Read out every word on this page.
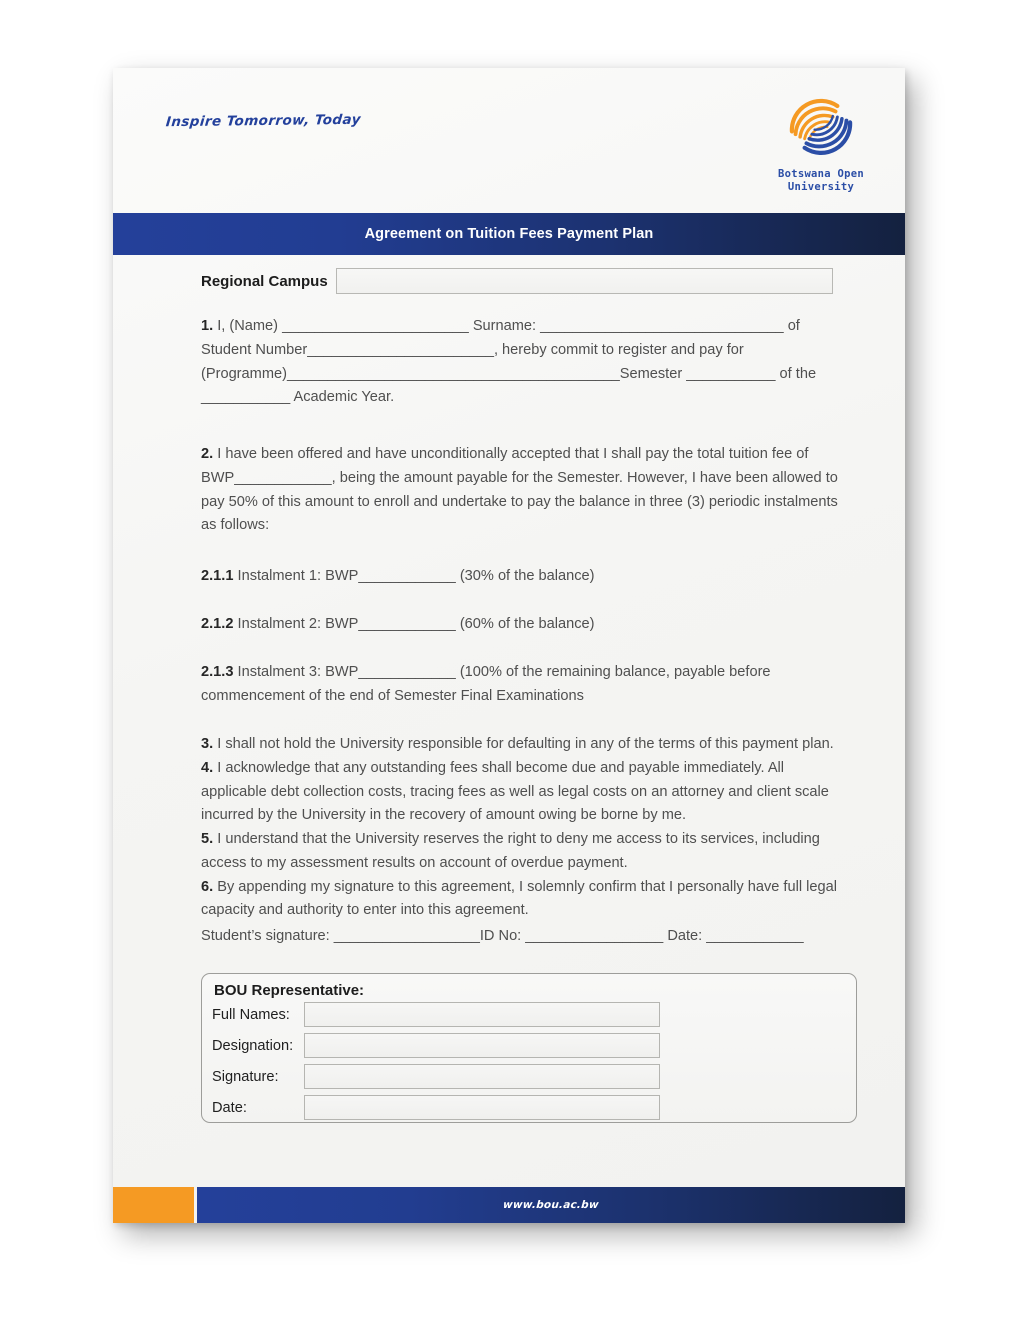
Inspire Tomorrow, Today
Botswana Open
University
Agreement on Tuition Fees Payment Plan
Regional Campus
1. I, (Name) _______________________ Surname: ______________________________ of Student Number_______________________, hereby commit to register and pay for (Programme)_________________________________________Semester ___________ of the ___________ Academic Year.
2. I have been offered and have unconditionally accepted that I shall pay the total tuition fee of BWP____________, being the amount payable for the Semester. However, I have been allowed to pay 50% of this amount to enroll and undertake to pay the balance in three (3) periodic instalments as follows:
2.1.1 Instalment 1: BWP____________ (30% of the balance)
2.1.2 Instalment 2: BWP____________ (60% of the balance)
2.1.3 Instalment 3: BWP____________ (100% of the remaining balance, payable before commencement of the end of Semester Final Examinations
3. I shall not hold the University responsible for defaulting in any of the terms of this payment plan.
4. I acknowledge that any outstanding fees shall become due and payable immediately. All applicable debt collection costs, tracing fees as well as legal costs on an attorney and client scale incurred by the University in the recovery of amount owing be borne by me.
5. I understand that the University reserves the right to deny me access to its services, including access to my assessment results on account of overdue payment.
6. By appending my signature to this agreement, I solemnly confirm that I personally have full legal capacity and authority to enter into this agreement.
Student’s signature: __________________ID No: _________________ Date: ____________
BOU Representative:
Full Names:
Designation:
Signature:
Date:
www.bou.ac.bw
